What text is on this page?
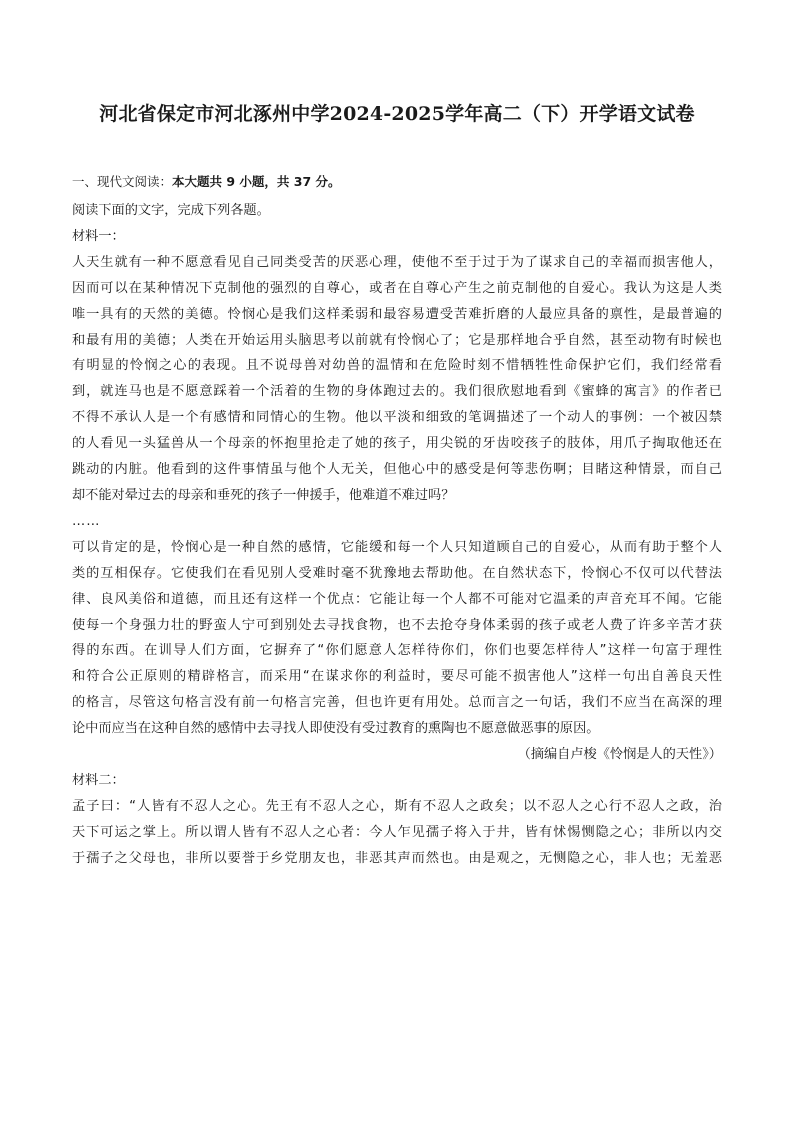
河北省保定市河北涿州中学2024-2025学年高二（下）开学语文试卷
一、现代文阅读：本大题共 9 小题，共 37 分。

阅读下面的文字，完成下列各题。

材料一：

人天生就有一种不愿意看见自己同类受苦的厌恶心理，使他不至于过于为了谋求自己的幸福而损害他人，

因而可以在某种情况下克制他的强烈的自尊心，或者在自尊心产生之前克制他的自爱心。我认为这是人类

唯一具有的天然的美德。怜悯心是我们这样柔弱和最容易遭受苦难折磨的人最应具备的禀性，是最普遍的

和最有用的美德；人类在开始运用头脑思考以前就有怜悯心了；它是那样地合乎自然，甚至动物有时候也

有明显的怜悯之心的表现。且不说母兽对幼兽的温情和在危险时刻不惜牺牲性命保护它们，我们经常看

到，就连马也是不愿意踩着一个活着的生物的身体跑过去的。我们很欣慰地看到《蜜蜂的寓言》的作者已

不得不承认人是一个有感情和同情心的生物。他以平淡和细致的笔调描述了一个动人的事例：一个被囚禁

的人看见一头猛兽从一个母亲的怀抱里抢走了她的孩子，用尖锐的牙齿咬孩子的肢体，用爪子掏取他还在

跳动的内脏。他看到的这件事情虽与他个人无关，但他心中的感受是何等悲伤啊；目睹这种情景，而自己

却不能对晕过去的母亲和垂死的孩子一伸援手，他难道不难过吗？

……

可以肯定的是，怜悯心是一种自然的感情，它能缓和每一个人只知道顾自己的自爱心，从而有助于整个人

类的互相保存。它使我们在看见别人受难时毫不犹豫地去帮助他。在自然状态下，怜悯心不仅可以代替法

律、良风美俗和道德，而且还有这样一个优点：它能让每一个人都不可能对它温柔的声音充耳不闻。它能

使每一个身强力壮的野蛮人宁可到别处去寻找食物，也不去抢夺身体柔弱的孩子或老人费了许多辛苦才获

得的东西。在训导人们方面，它摒弃了“你们愿意人怎样待你们，你们也要怎样待人”这样一句富于理性

和符合公正原则的精辟格言，而采用“在谋求你的利益时，要尽可能不损害他人”这样一句出自善良天性

的格言，尽管这句格言没有前一句格言完善，但也许更有用处。总而言之一句话，我们不应当在高深的理

论中而应当在这种自然的感情中去寻找人即使没有受过教育的熏陶也不愿意做恶事的原因。

（摘编自卢梭《怜悯是人的天性》）

材料二：

孟子曰：“人皆有不忍人之心。先王有不忍人之心，斯有不忍人之政矣；以不忍人之心行不忍人之政，治

天下可运之掌上。所以谓人皆有不忍人之心者：今人乍见孺子将入于井，皆有怵惕恻隐之心；非所以内交

于孺子之父母也，非所以要誉于乡党朋友也，非恶其声而然也。由是观之，无恻隐之心，非人也；无羞恶
